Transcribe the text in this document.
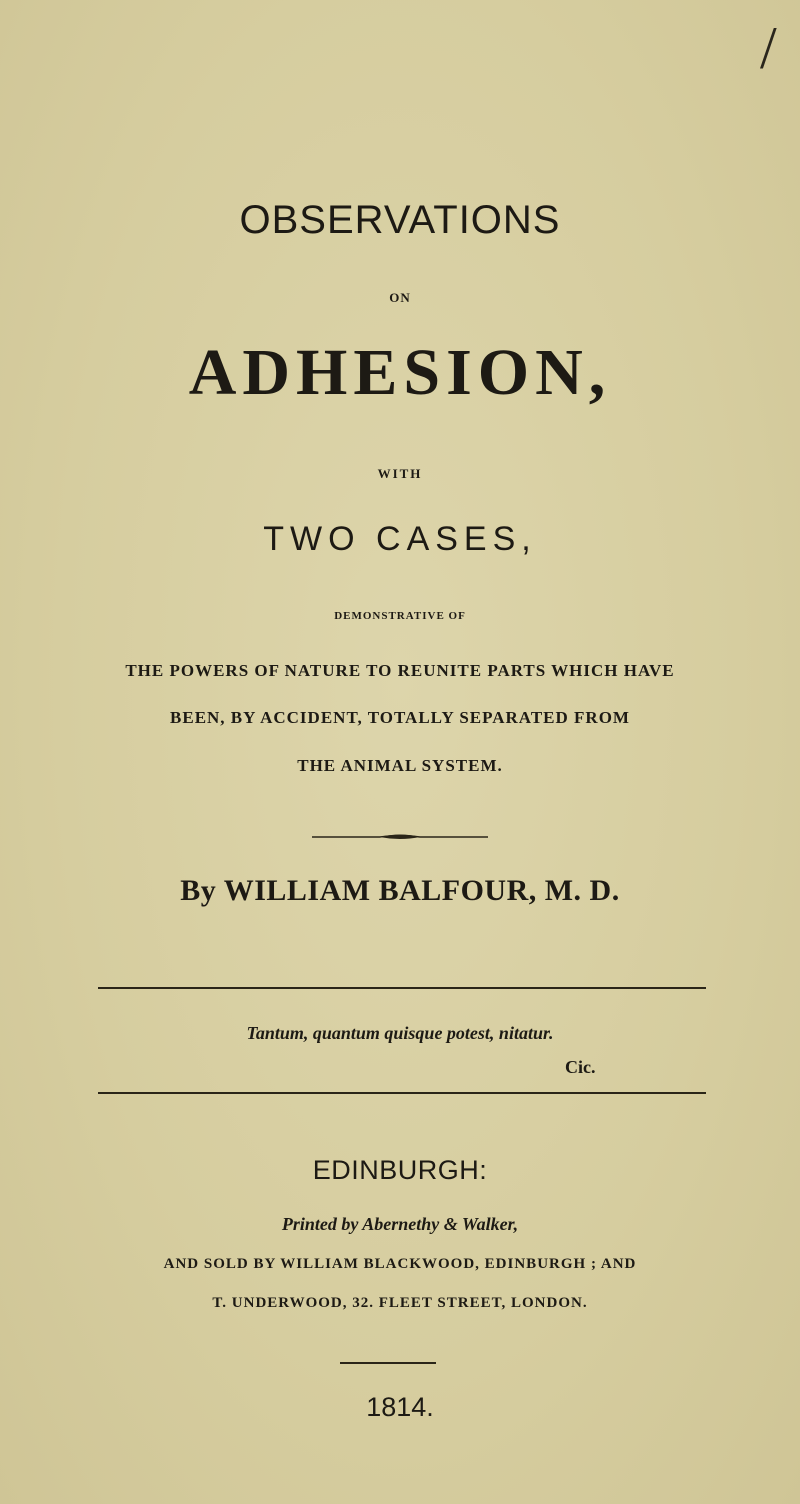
/
OBSERVATIONS
ON
ADHESION,
WITH
TWO CASES,
DEMONSTRATIVE OF
THE POWERS OF NATURE TO REUNITE PARTS WHICH HAVE
BEEN, BY ACCIDENT, TOTALLY SEPARATED FROM
THE ANIMAL SYSTEM.
By WILLIAM BALFOUR, M. D.
Tantum, quantum quisque potest, nitatur.
Cic.
EDINBURGH:
Printed by Abernethy & Walker,
AND SOLD BY WILLIAM BLACKWOOD, EDINBURGH ; AND
T. UNDERWOOD, 32. FLEET STREET, LONDON.
1814.
